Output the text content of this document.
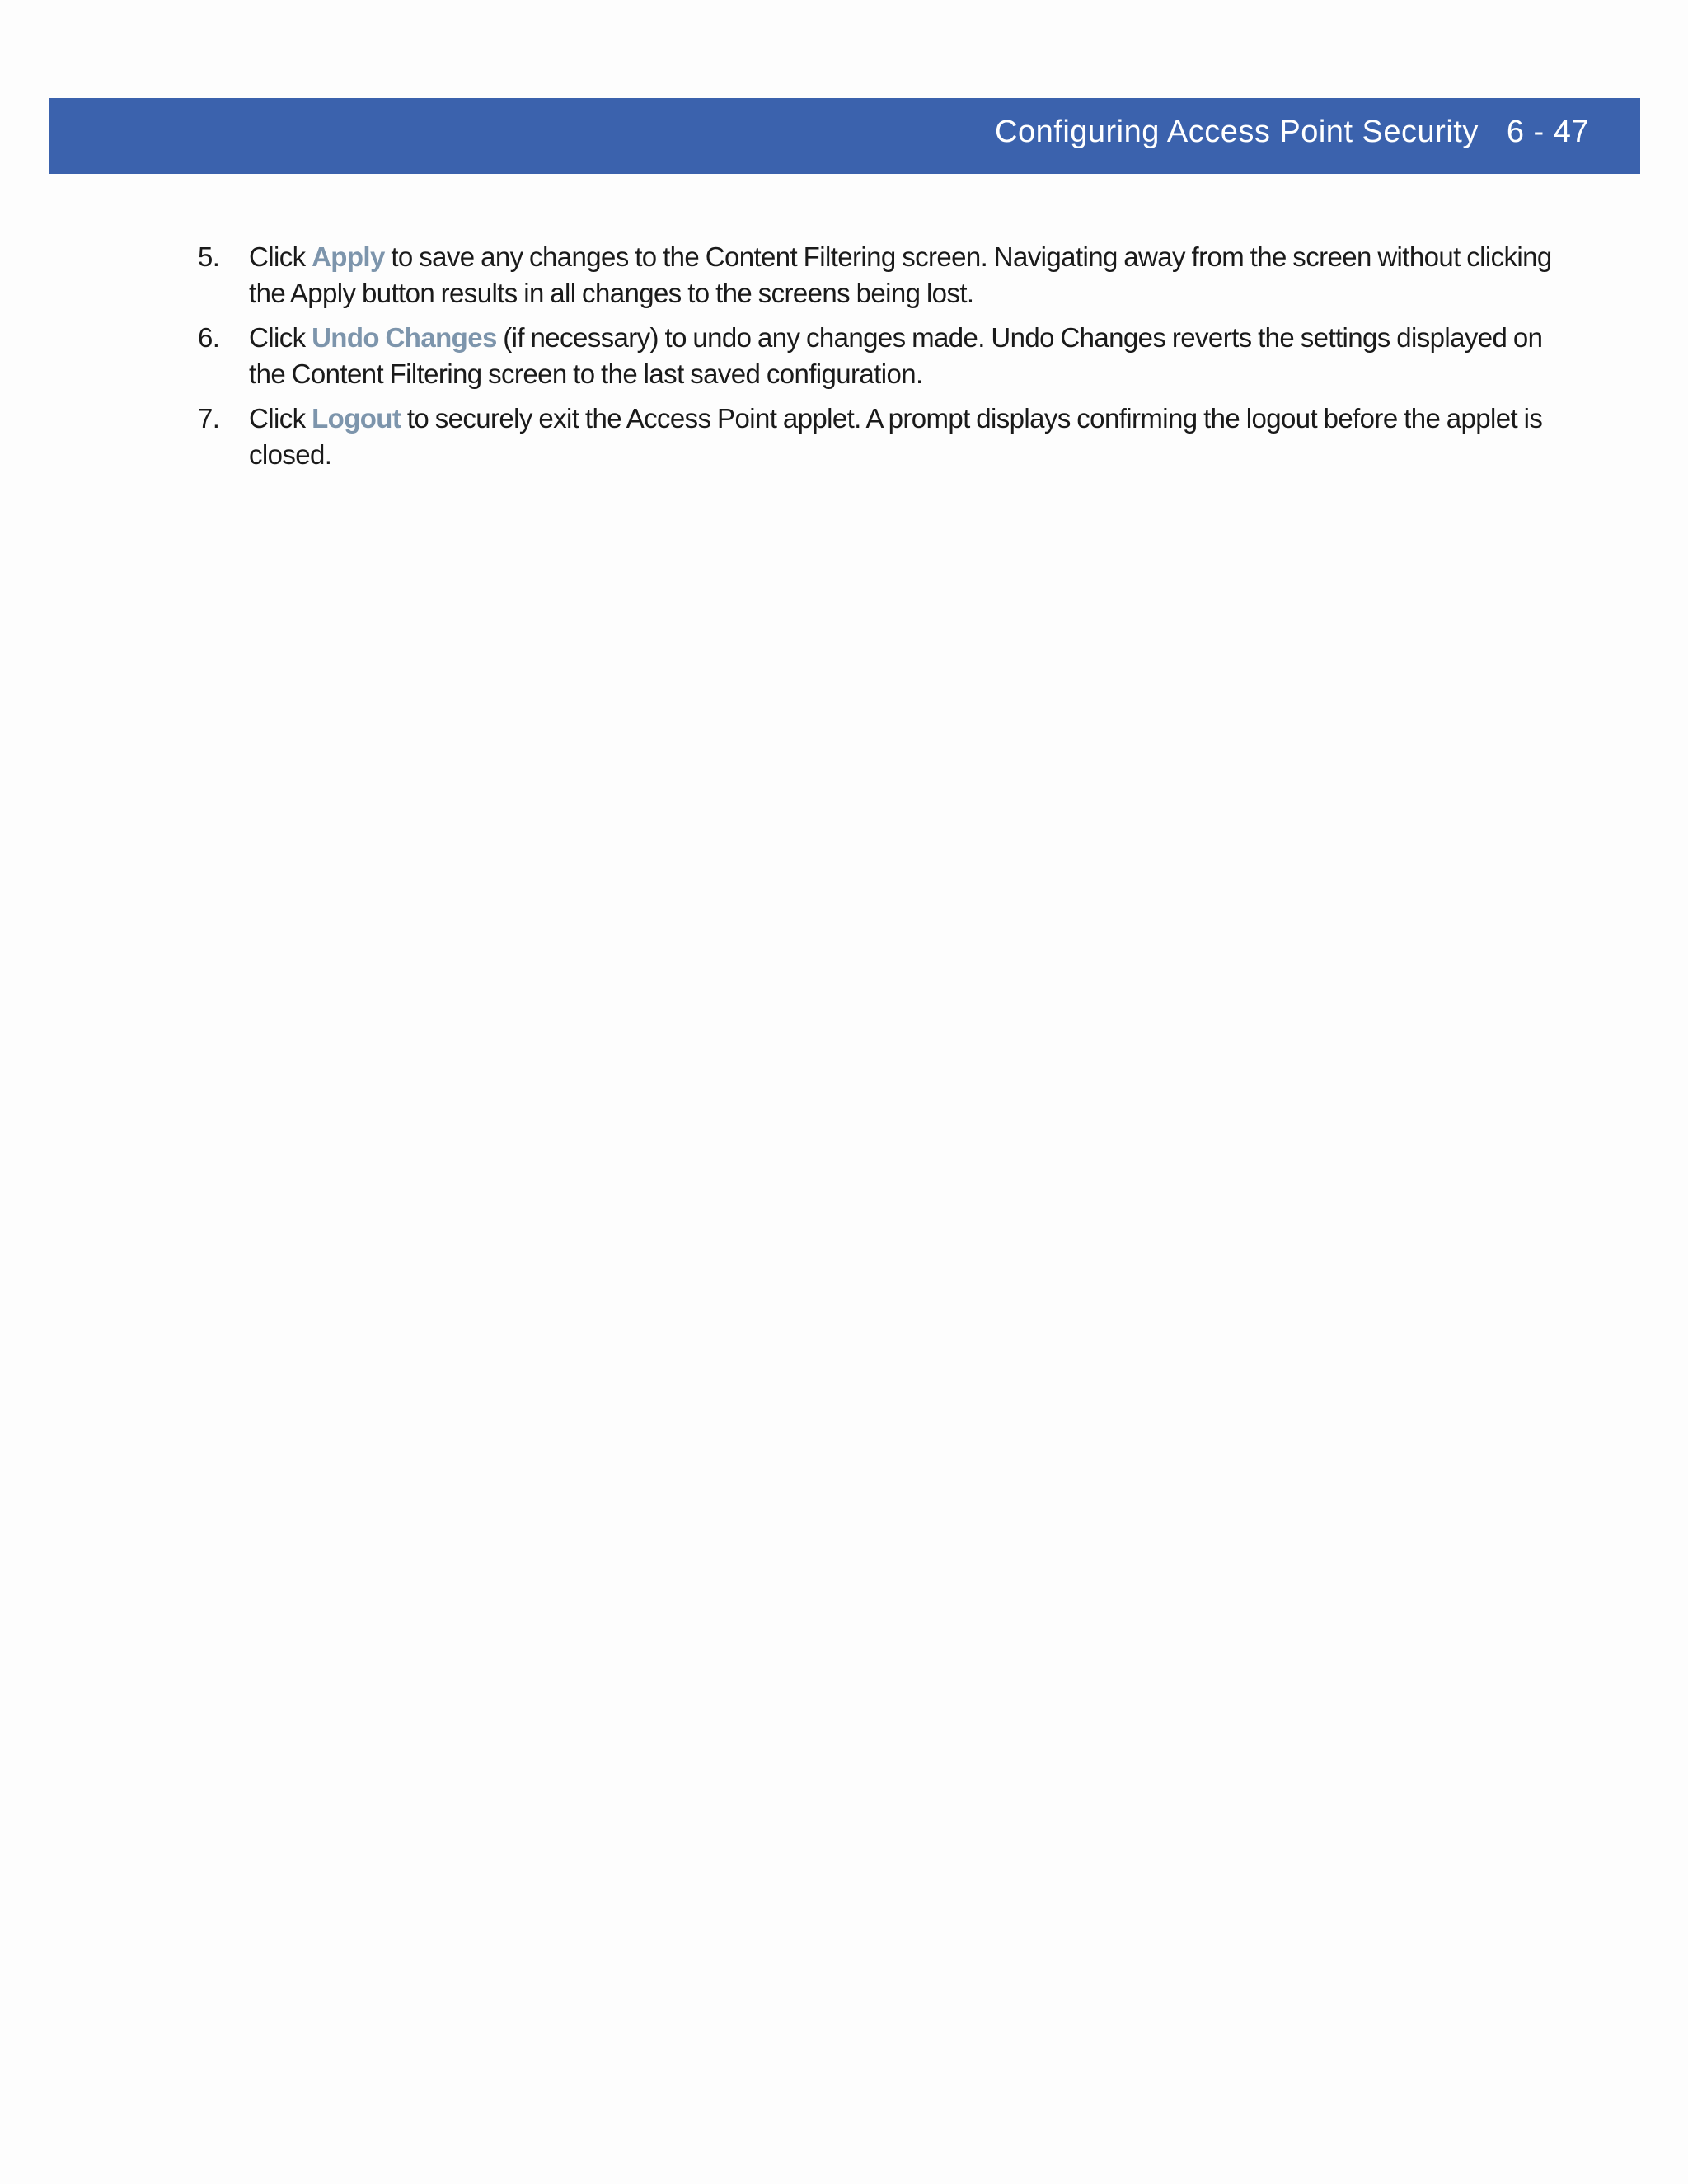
Configuring Access Point Security 6 - 47
5. Click Apply to save any changes to the Content Filtering screen. Navigating away from the screen without clicking the Apply button results in all changes to the screens being lost.
6. Click Undo Changes (if necessary) to undo any changes made. Undo Changes reverts the settings displayed on the Content Filtering screen to the last saved configuration.
7. Click Logout to securely exit the Access Point applet. A prompt displays confirming the logout before the applet is closed.
